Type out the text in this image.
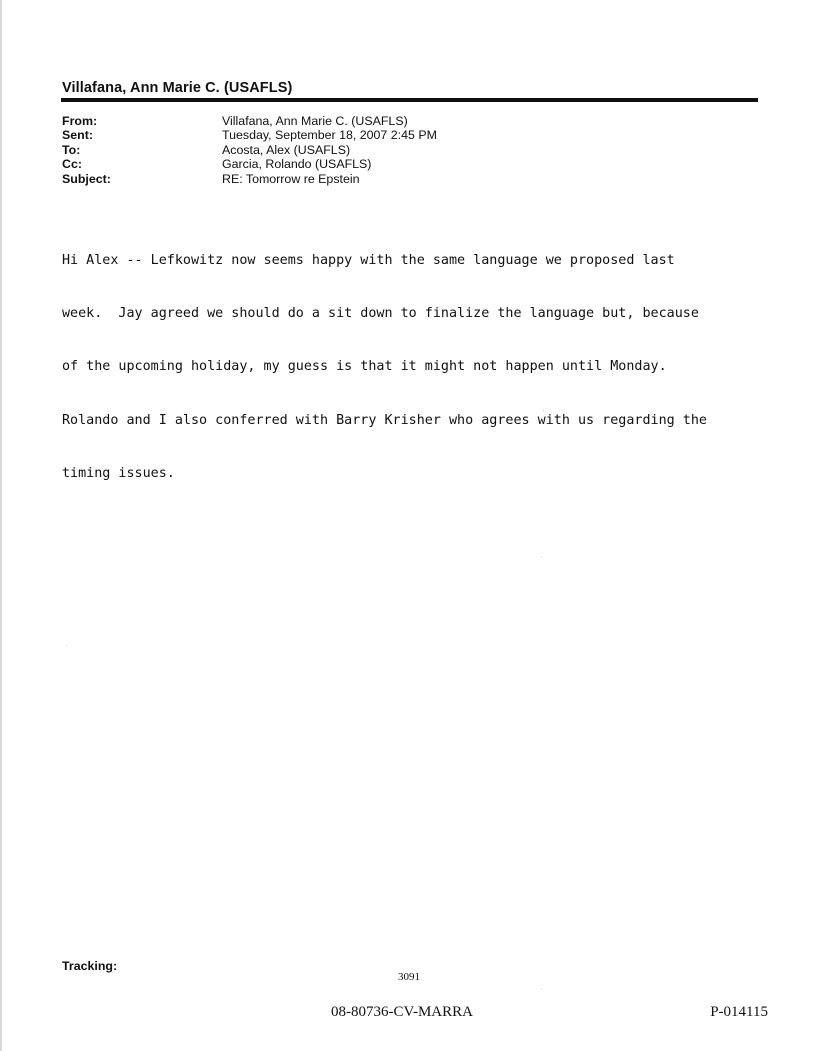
Villafana, Ann Marie C. (USAFLS)
From:	Villafana, Ann Marie C. (USAFLS)
Sent:	Tuesday, September 18, 2007 2:45 PM
To:	Acosta, Alex (USAFLS)
Cc:	Garcia, Rolando (USAFLS)
Subject:	RE: Tomorrow re Epstein

Hi Alex -- Lefkowitz now seems happy with the same language we proposed last

week.  Jay agreed we should do a sit down to finalize the language but, because

of the upcoming holiday, my guess is that it might not happen until Monday.

Rolando and I also conferred with Barry Krisher who agrees with us regarding the

timing issues.

Tracking:
3091
08-80736-CV-MARRA	P-014115
